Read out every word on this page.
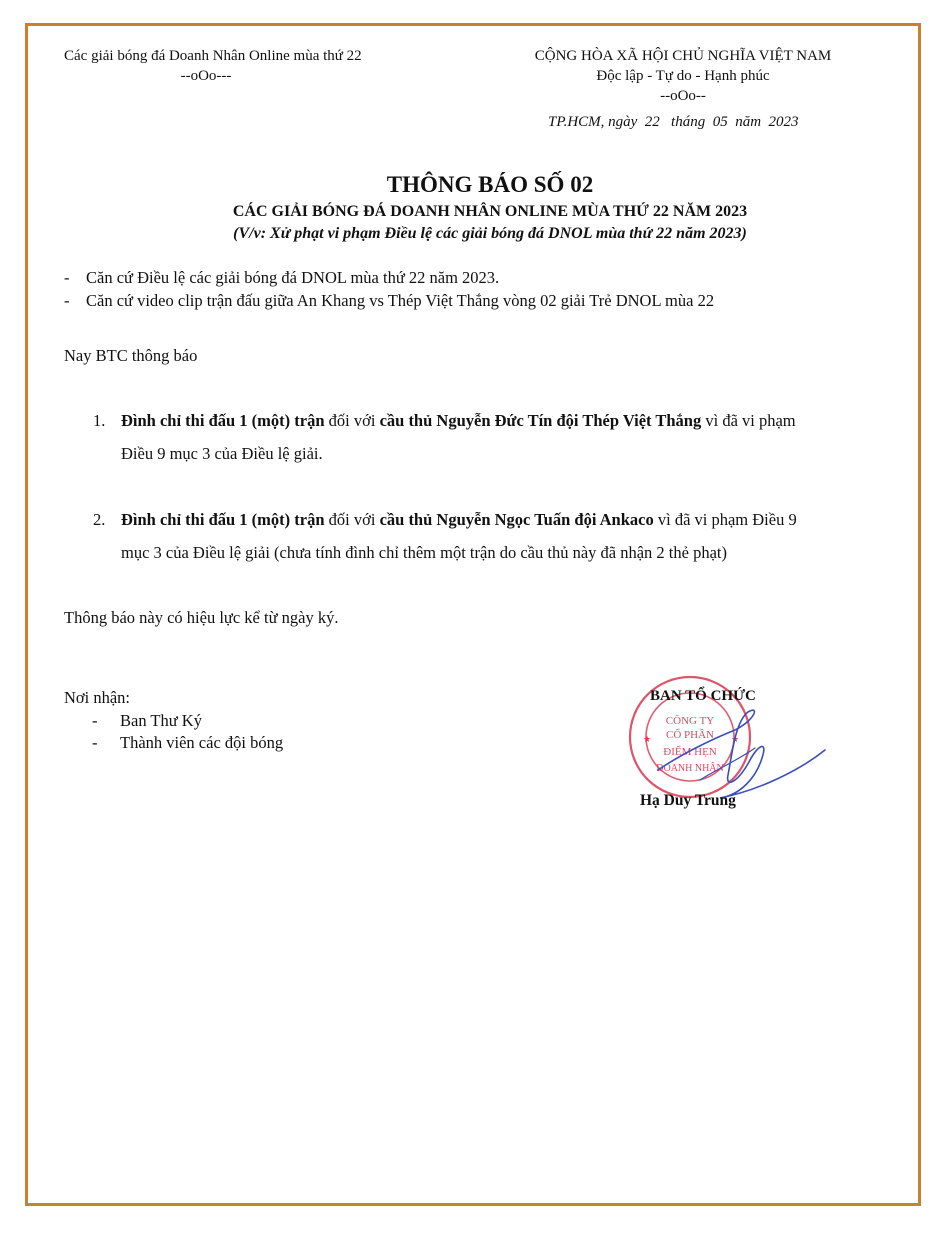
Các giải bóng đá Doanh Nhân Online mùa thứ 22
--oOo---
CỘNG HÒA XÃ HỘI CHỦ NGHĨA VIỆT NAM
Độc lập - Tự do - Hạnh phúc
--oOo--
TP.HCM, ngày  22   tháng  05  năm  2023
THÔNG BÁO SỐ 02
CÁC GIẢI BÓNG ĐÁ DOANH NHÂN ONLINE MÙA THỨ 22 NĂM 2023
(V/v: Xử phạt vi phạm Điều lệ các giải bóng đá DNOL mùa thứ 22 năm 2023)
- Căn cứ Điều lệ các giải bóng đá DNOL mùa thứ 22 năm 2023.
- Căn cứ video clip trận đấu giữa An Khang vs Thép Việt Thắng vòng 02 giải Trẻ DNOL mùa 22
Nay BTC thông báo
1. Đình chỉ thi đấu 1 (một) trận đối với cầu thủ Nguyễn Đức Tín đội Thép Việt Thắng vì đã vi phạm
Điều 9 mục 3 của Điều lệ giải.
2. Đình chỉ thi đấu 1 (một) trận đối với cầu thủ Nguyễn Ngọc Tuấn đội Ankaco vì đã vi phạm Điều 9
mục 3 của Điều lệ giải (chưa tính đình chỉ thêm một trận do cầu thủ này đã nhận 2 thẻ phạt)
Thông báo này có hiệu lực kể từ ngày ký.
Nơi nhận:
- Ban Thư Ký
- Thành viên các đội bóng
CÔNG TY
CỔ PHẦN
ĐIỂM HẸN
DOANH NHÂN
★	★
BAN TỔ CHỨC
Hạ Duy Trung
